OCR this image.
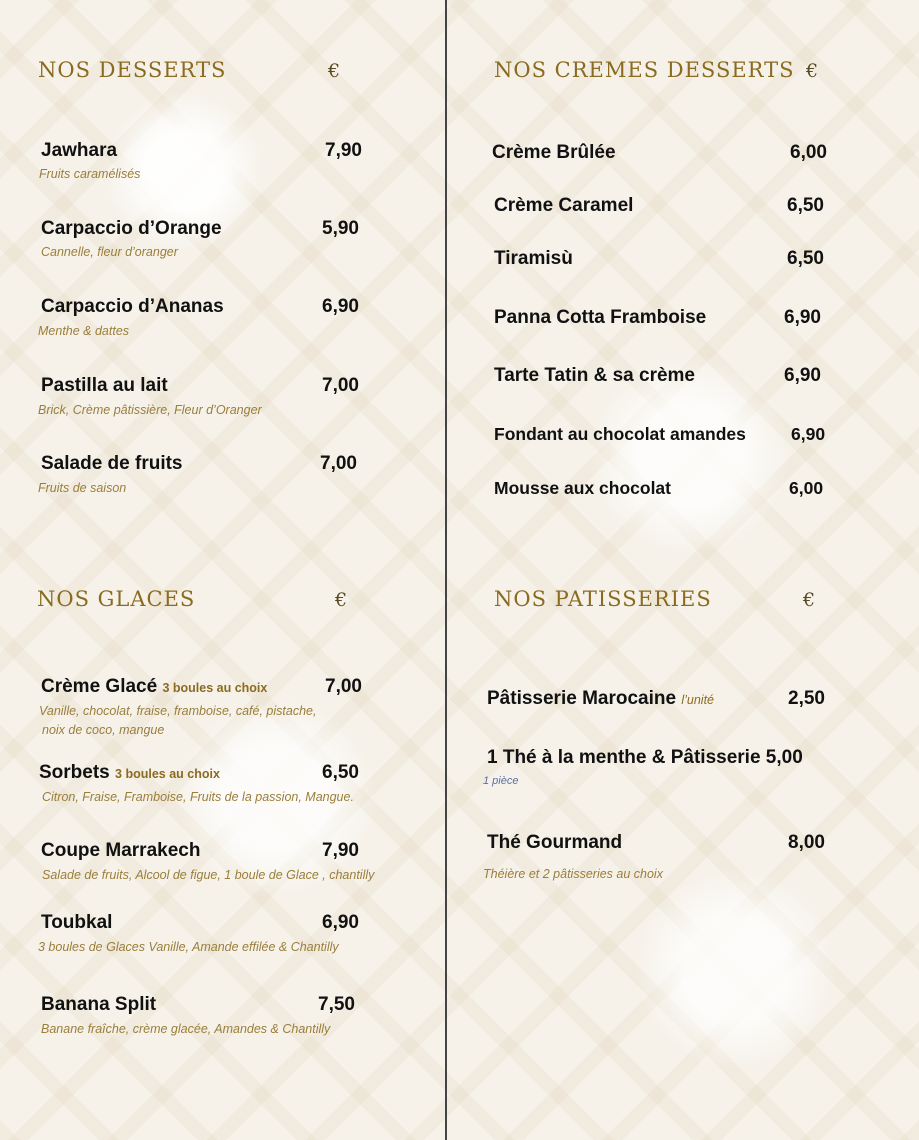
NOS DESSERTS	€
Jawhara	7,90
Fruits caramélisés
Carpaccio d’Orange	5,90
Cannelle, fleur d’oranger
Carpaccio d’Ananas	6,90
Menthe & dattes
Pastilla au lait	7,00
Brick, Crème pâtissière, Fleur d’Oranger
Salade de fruits	7,00
Fruits de saison
NOS CREMES DESSERTS €
Crème Brûlée	6,00
Crème Caramel	6,50
Tiramisù	6,50
Panna Cotta Framboise	6,90
Tarte Tatin & sa crème	6,90
Fondant au chocolat amandes	6,90
Mousse aux chocolat	6,00
NOS GLACES	€
Crème Glacé 3 boules au choix	7,00
Vanille, chocolat, fraise, framboise, café, pistache,
noix de coco, mangue
Sorbets 3 boules au choix	6,50
Citron, Fraise, Framboise, Fruits de la passion, Mangue.
Coupe Marrakech	7,90
Salade de fruits, Alcool de figue, 1 boule de Glace , chantilly
Toubkal	6,90
3 boules de Glaces Vanille, Amande effilée & Chantilly
Banana Split	7,50
Banane fraîche, crème glacée, Amandes & Chantilly
NOS PATISSERIES	€
Pâtisserie Marocaine l’unité	2,50
1 Thé à la menthe & Pâtisserie 5,00
1 pièce
Thé Gourmand	8,00
Théière et 2 pâtisseries au choix
